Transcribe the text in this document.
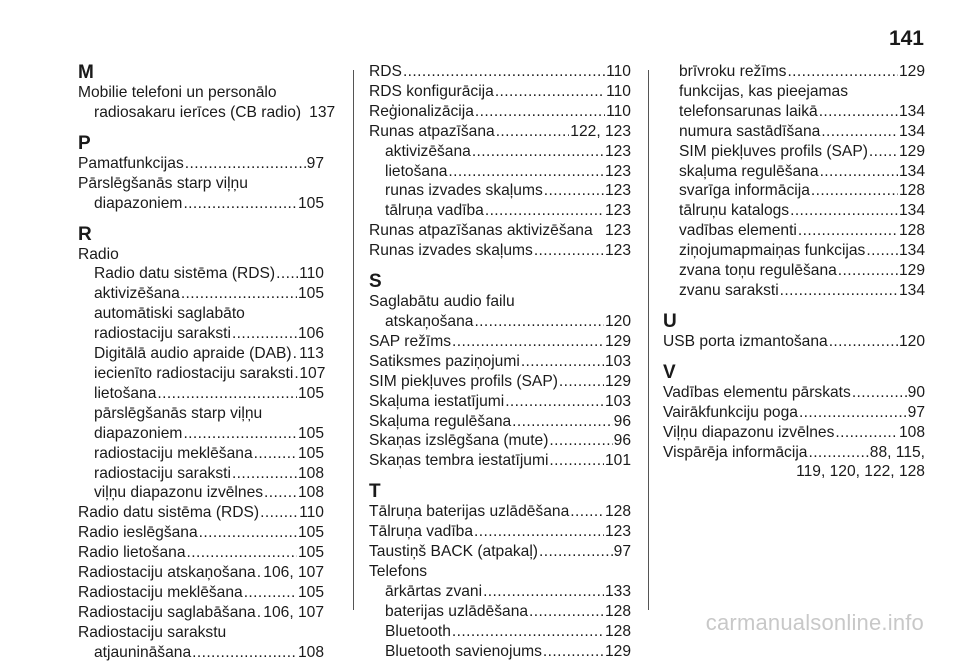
141
M
Mobilie telefoni un personālo
radiosakaru ierīces (CB radio) 137
P
Pamatfunkcijas .....	97
Pārslēgšanās starp viļņu
diapazoniem .....	105
R
Radio
Radio datu sistēma (RDS) ..... 110
aktivizēšana .....	105
automātiski saglabāto
radiostaciju saraksti .....	106
Digitālā audio apraide (DAB) ..... 113
iecienīto radiostaciju saraksti ..... 107
lietošana .....	105
pārslēgšanās starp viļņu
diapazoniem .....	105
radiostaciju meklēšana .....	105
radiostaciju saraksti .....	108
viļņu diapazonu izvēlnes ..... 108
Radio datu sistēma (RDS) .....	110
Radio ieslēgšana .....	105
Radio lietošana .....	105
Radiostaciju atskaņošana ..... 106, 107
Radiostaciju meklēšana .....	105
Radiostaciju saglabāšana ..... 106, 107
Radiostaciju sarakstu
atjaunināšana .....	108
RDS .....	110
RDS konfigurācija .....	110
Reģionalizācija .....	110
Runas atpazīšana .....	122, 123
aktivizēšana .....	123
lietošana .....	123
runas izvades skaļums .....	123
tālruņa vadība .....	123
Runas atpazīšanas aktivizēšana 123
Runas izvades skaļums .....	123
S
Saglabātu audio failu
atskaņošana .....	120
SAP režīms .....	129
Satiksmes paziņojumi .....	103
SIM piekļuves profils (SAP) .....	129
Skaļuma iestatījumi .....	103
Skaļuma regulēšana .....	96
Skaņas izslēgšana (mute) .....	96
Skaņas tembra iestatījumi .....	101
T
Tālruņa baterijas uzlādēšana ..... 128
Tālruņa vadība .....	123
Taustiņš BACK (atpakaļ) .....	97
Telefons
ārkārtas zvani .....	133
baterijas uzlādēšana .....	128
Bluetooth .....	128
Bluetooth savienojums .....	129
brīvroku režīms .....	129
funkcijas, kas pieejamas
telefonsarunas laikā .....	134
numura sastādīšana .....	134
SIM piekļuves profils (SAP) ..... 129
skaļuma regulēšana .....	134
svarīga informācija .....	128
tālruņu katalogs .....	134
vadības elementi .....	128
ziņojumapmaiņas funkcijas ..... 134
zvana toņu regulēšana .....	129
zvanu saraksti .....	134
U
USB porta izmantošana .....	120
V
Vadības elementu pārskats .....	90
Vairākfunkciju poga .....	97
Viļņu diapazonu izvēlnes .....	108
Vispārēja informācija .....	88, 115,
119, 120, 122, 128
carmanualsonline.info
